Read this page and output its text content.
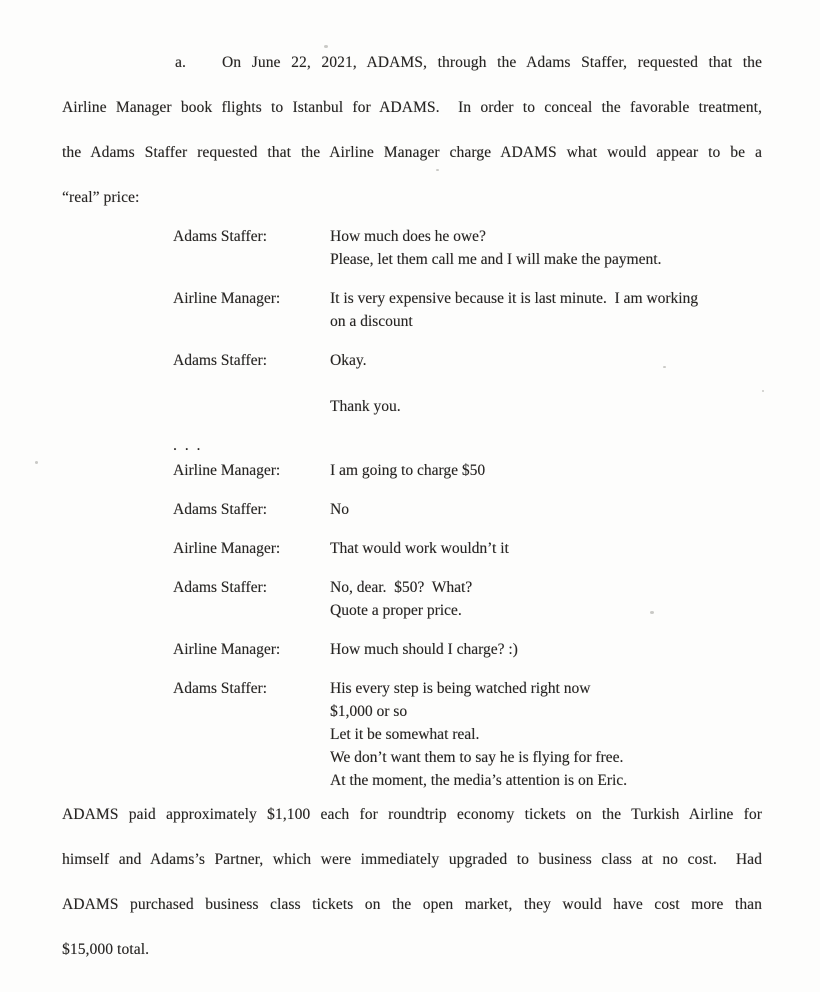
a. On June 22, 2021, ADAMS, through the Adams Staffer, requested that the
Airline Manager book flights to Istanbul for ADAMS.  In order to conceal the favorable treatment,
the Adams Staffer requested that the Airline Manager charge ADAMS what would appear to be a
“real” price:
Adams Staffer:	How much does he owe?
Please, let them call me and I will make the payment.
Airline Manager:	It is very expensive because it is last minute.  I am working
on a discount
Adams Staffer:	Okay.
Thank you.
. . .
Airline Manager:	I am going to charge $50
Adams Staffer:	No
Airline Manager:	That would work wouldn’t it
Adams Staffer:	No, dear.  $50?  What?
Quote a proper price.
Airline Manager:	How much should I charge? :)
Adams Staffer:	His every step is being watched right now
$1,000 or so
Let it be somewhat real.
We don’t want them to say he is flying for free.
At the moment, the media’s attention is on Eric.
ADAMS paid approximately $1,100 each for roundtrip economy tickets on the Turkish Airline for
himself and Adams’s Partner, which were immediately upgraded to business class at no cost.  Had
ADAMS purchased business class tickets on the open market, they would have cost more than
$15,000 total.
